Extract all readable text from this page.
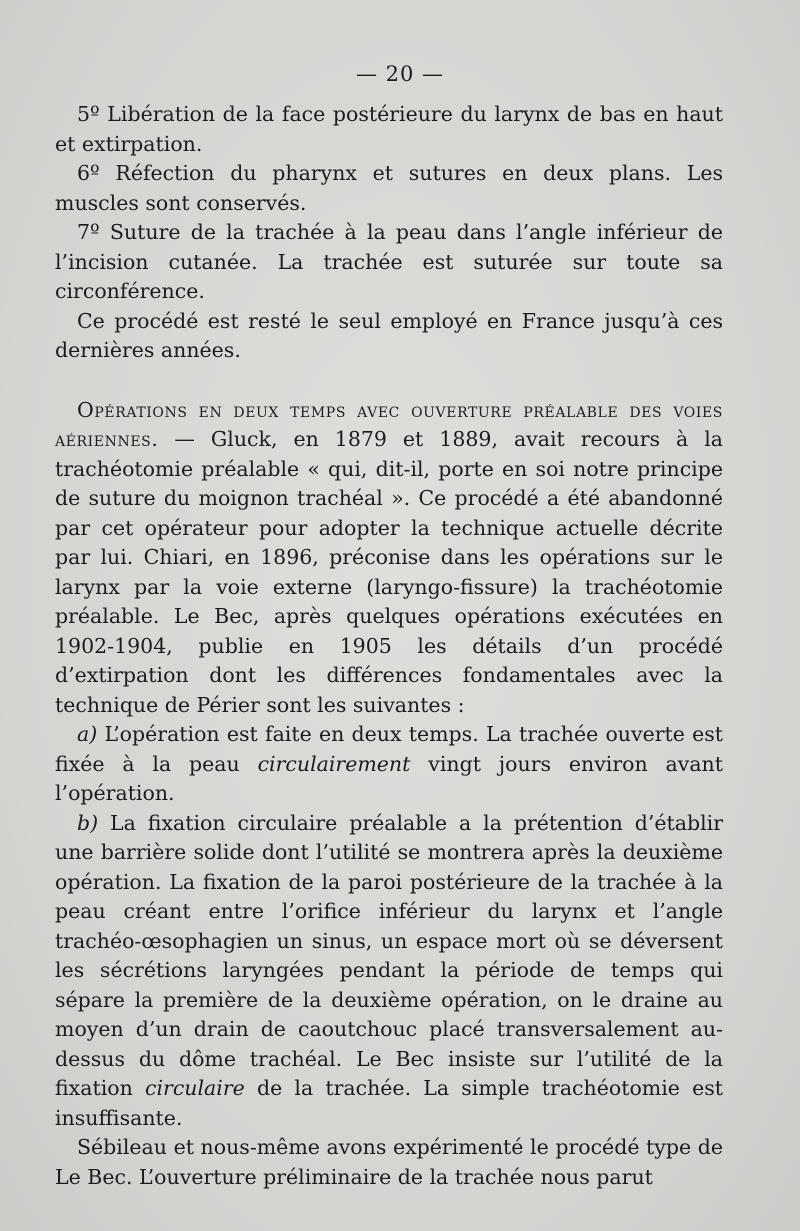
— 20 —

5º Libération de la face postérieure du larynx de bas en haut et extirpation.

6º Réfection du pharynx et sutures en deux plans. Les muscles sont conservés.

7º Suture de la trachée à la peau dans l’angle inférieur de l’incision cutanée. La trachée est suturée sur toute sa circonférence.

Ce procédé est resté le seul employé en France jusqu’à ces dernières années.

Opérations en deux temps avec ouverture préalable des voies aériennes. — Gluck, en 1879 et 1889, avait recours à la trachéotomie préalable « qui, dit-il, porte en soi notre principe de suture du moignon trachéal ». Ce procédé a été abandonné par cet opérateur pour adopter la technique actuelle décrite par lui. Chiari, en 1896, préconise dans les opérations sur le larynx par la voie externe (laryngo-fissure) la trachéotomie préalable. Le Bec, après quelques opérations exécutées en 1902-1904, publie en 1905 les détails d’un procédé d’extirpation dont les différences fondamentales avec la technique de Périer sont les suivantes :

a) L’opération est faite en deux temps. La trachée ouverte est fixée à la peau circulairement vingt jours environ avant l’opération.

b) La fixation circulaire préalable a la prétention d’établir une barrière solide dont l’utilité se montrera après la deuxième opération. La fixation de la paroi postérieure de la trachée à la peau créant entre l’orifice inférieur du larynx et l’angle trachéo-œsophagien un sinus, un espace mort où se déversent les sécrétions laryngées pendant la période de temps qui sépare la première de la deuxième opération, on le draine au moyen d’un drain de caoutchouc placé transversalement au-dessus du dôme trachéal. Le Bec insiste sur l’utilité de la fixation circulaire de la trachée. La simple trachéotomie est insuffisante.

Sébileau et nous-même avons expérimenté le procédé type de Le Bec. L’ouverture préliminaire de la trachée nous parut
